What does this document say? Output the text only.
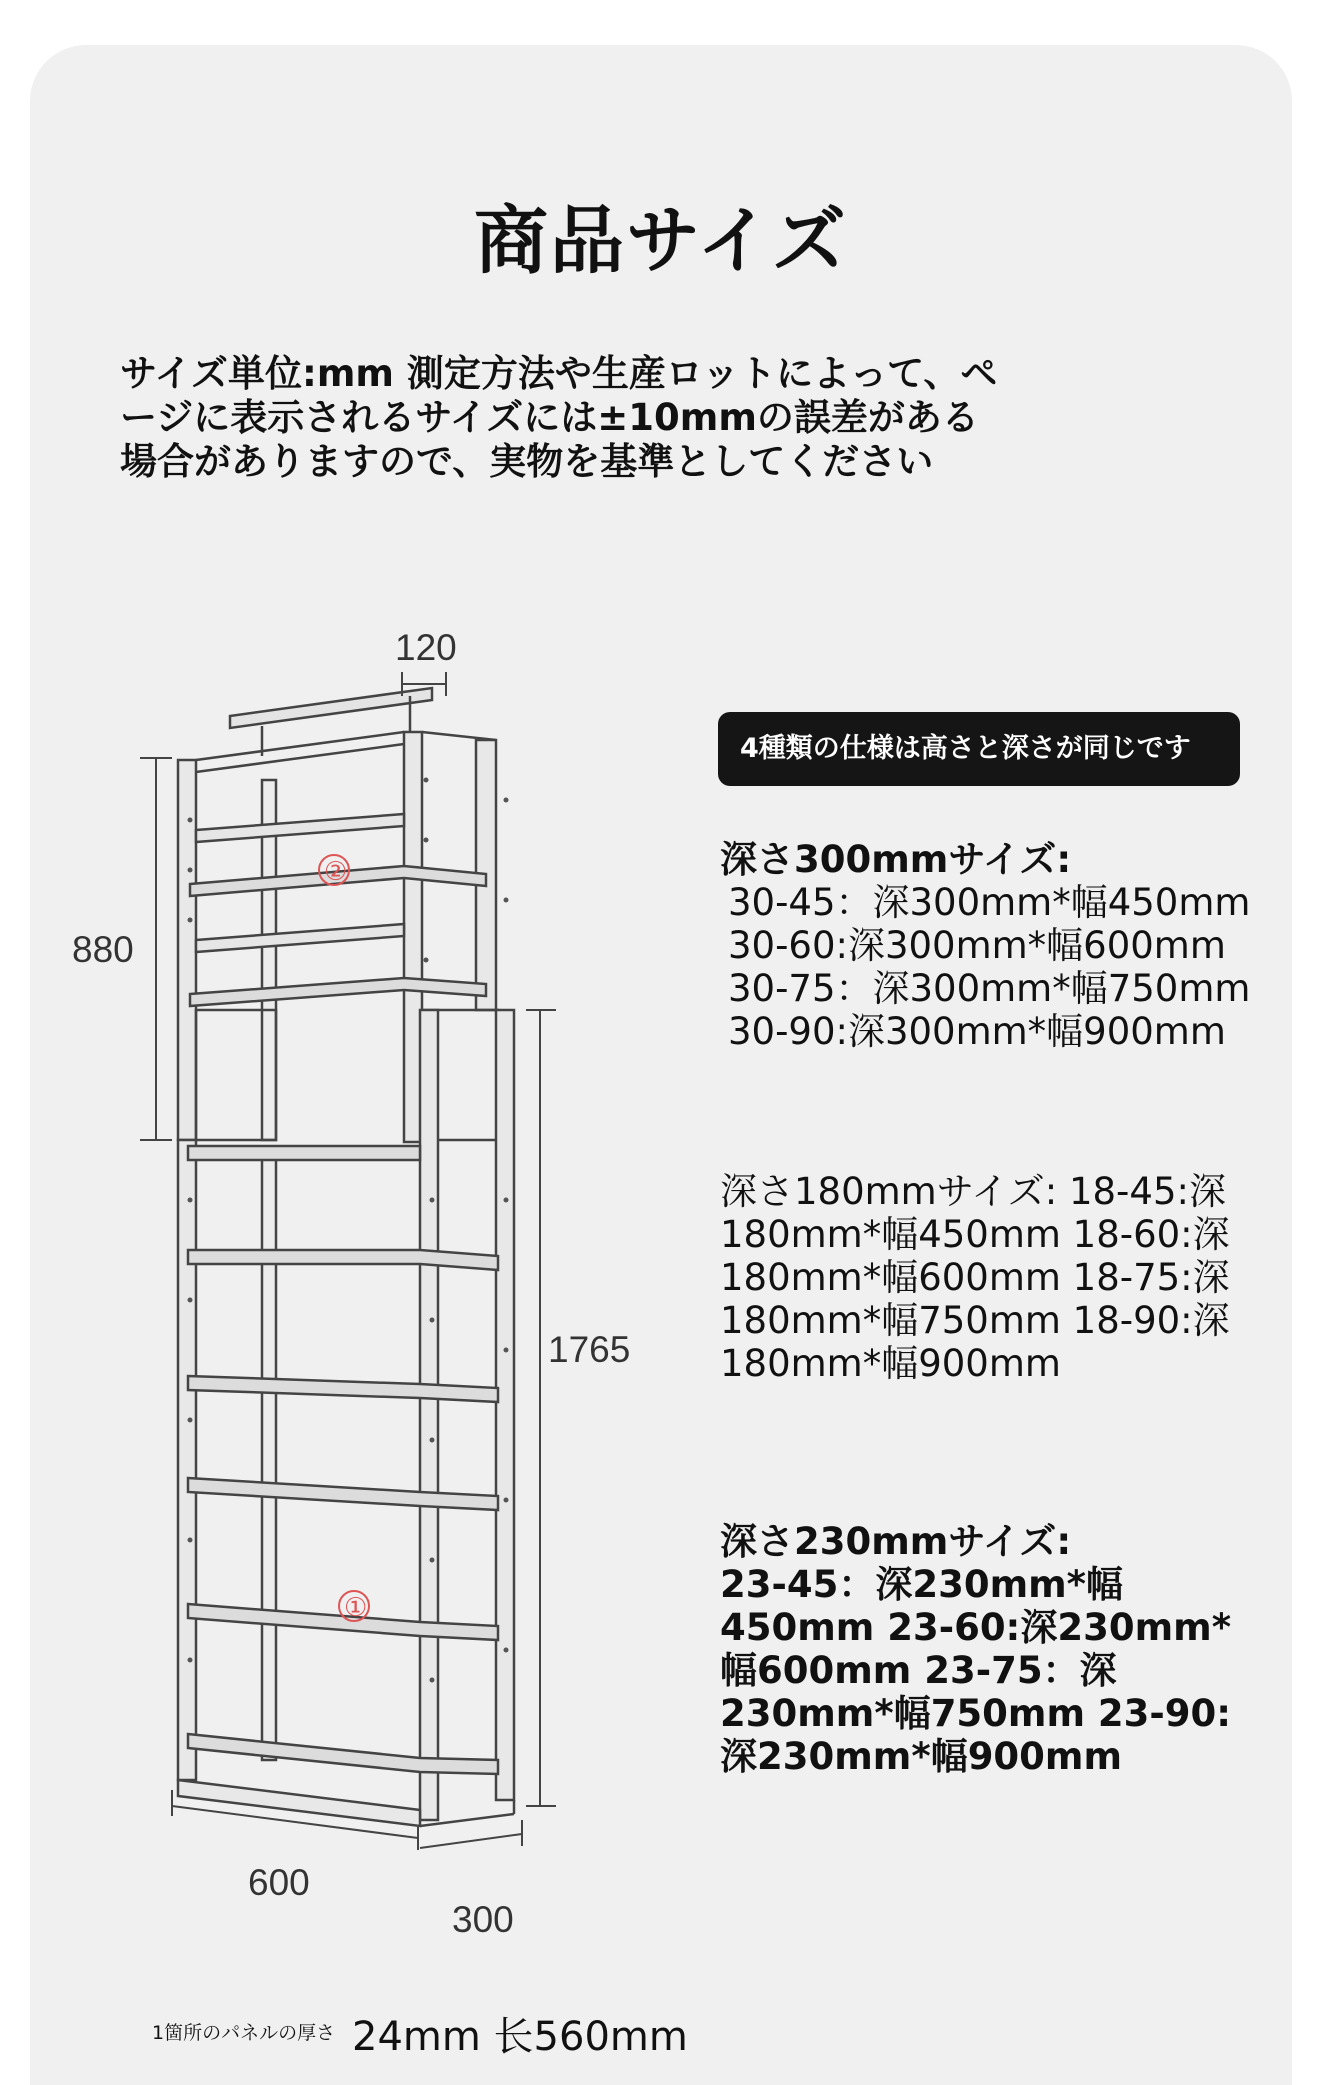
商品サイズ
サイズ単位:mm 測定方法や生産ロットによって、ページに表示されるサイズには±10mmの誤差がある場合がありますので、実物を基準としてください
120
880
1765
600
300
②
①
4種類の仕様は高さと深さが同じです
深さ300mmサイズ:
30-45：深300mm*幅450mm 30-60:深300mm*幅600mm 30-75：深300mm*幅750mm 30-90:深300mm*幅900mm
深さ180mmサイズ: 18-45:深180mm*幅450mm 18-60:深180mm*幅600mm 18-75:深180mm*幅750mm 18-90:深180mm*幅900mm
深さ230mmサイズ:
23-45：深230mm*幅450mm 23-60:深230mm*幅600mm 23-75：深230mm*幅750mm 23-90:深230mm*幅900mm
1箇所のパネルの厚さ 24mm 长560mm
